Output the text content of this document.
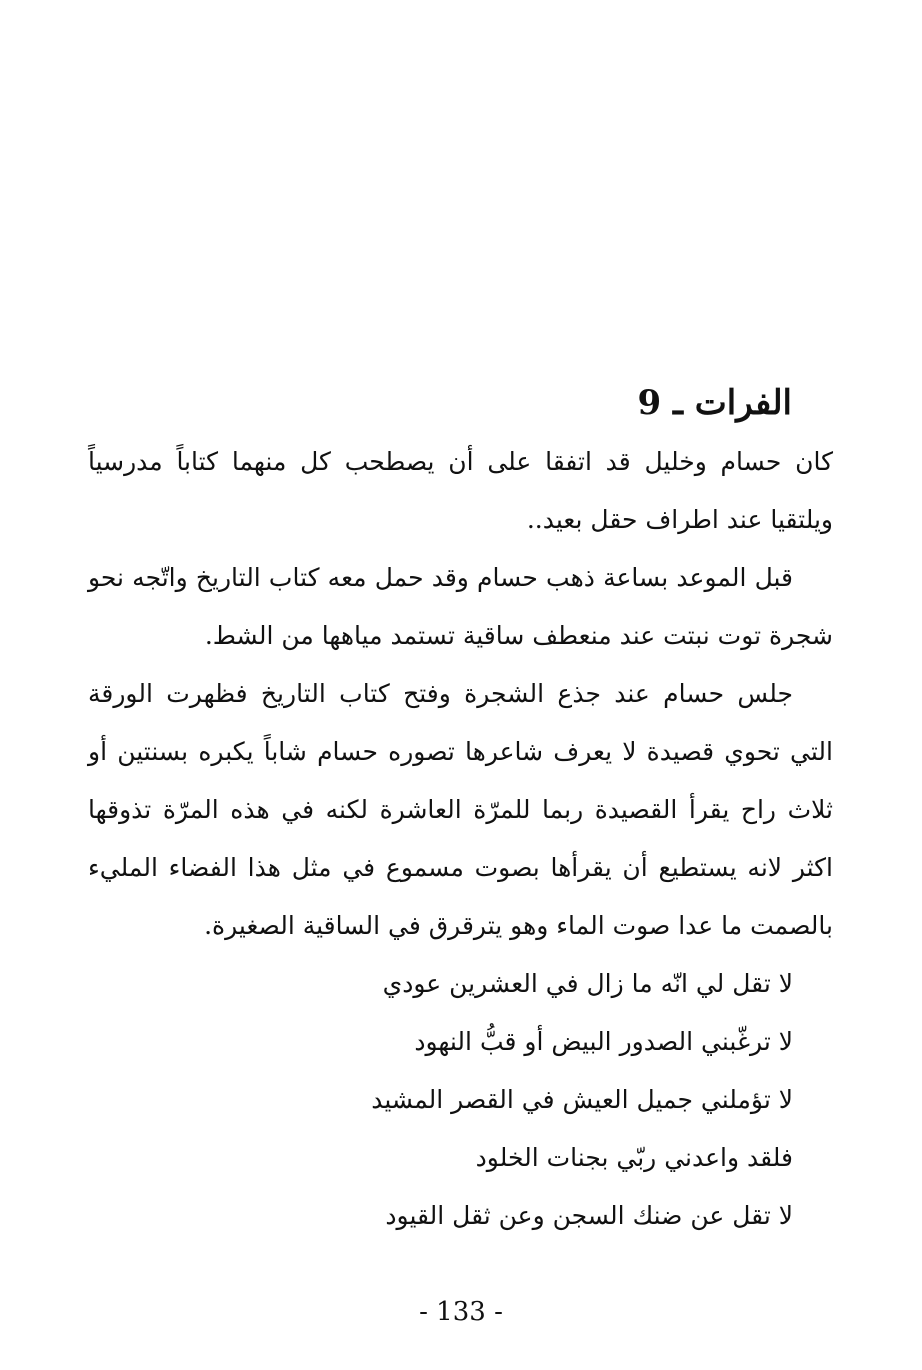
الفرات ـ 9

كان حسام وخليل قد اتفقا على أن يصطحب كل منهما كتاباً مدرسياً ويلتقيا عند اطراف حقل بعيد..

قبل الموعد بساعة ذهب حسام وقد حمل معه كتاب التاريخ واتّجه نحو شجرة توت نبتت عند منعطف ساقية تستمد مياهها من الشط.

جلس حسام عند جذع الشجرة وفتح كتاب التاريخ فظهرت الورقة التي تحوي قصيدة لا يعرف شاعرها تصوره حسام شاباً يكبره بسنتين أو ثلاث راح يقرأ القصيدة ربما للمرّة العاشرة لكنه في هذه المرّة تذوقها اكثر لانه يستطيع أن يقرأها بصوت مسموع في مثل هذا الفضاء المليء بالصمت ما عدا صوت الماء وهو يترقرق في الساقية الصغيرة.

لا تقل لي انّه ما زال في العشرين عودي

لا ترغّبني الصدور البيض أو قبُّ النهود

لا تؤملني جميل العيش في القصر المشيد

فلقد واعدني ربّي بجنات الخلود

لا تقل عن ضنك السجن وعن ثقل القيود

- 133 -
